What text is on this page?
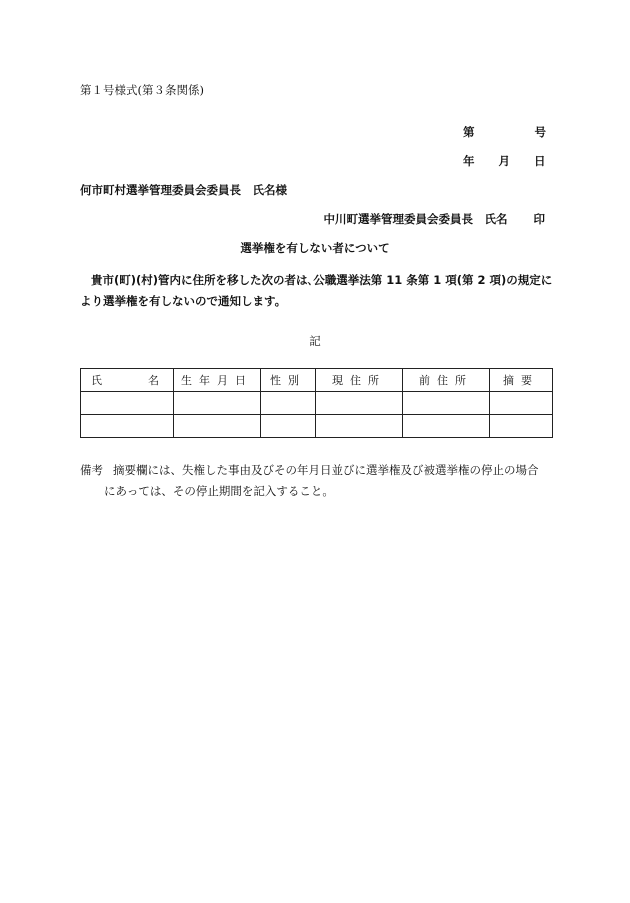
第１号様式(第３条関係)
第	号
年 月 日
何市町村選挙管理委員会委員長　氏名様
中川町選挙管理委員会委員長　氏名 印
選挙権を有しない者について
貴市(町)(村)管内に住所を移した次の者は､公職選挙法第 11 条第 1 項(第 2 項)の規定に
より選挙権を有しないので通知します。
記
氏 名	生年月日	性別	現住所	前住所	摘要

備考 摘要欄には、失権した事由及びその年月日並びに選挙権及び被選挙権の停止の場合
にあっては、その停止期間を記入すること。
